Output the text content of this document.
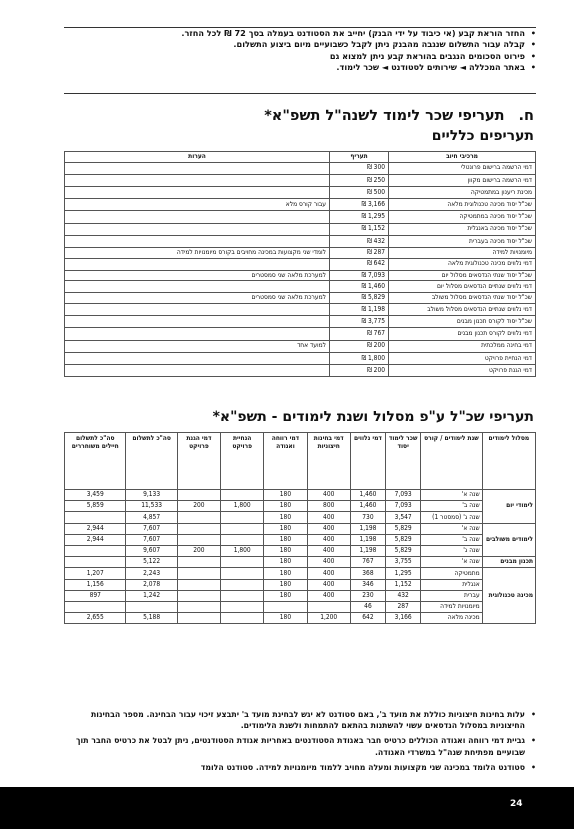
• החזר הוראת קבע (אי כיבוד על ידי הבנק) יחייב את הסטודנט בעמלה בסך 72 ₪ לכל החזר.
• קבלה עבור התשלום שנגבה מהבנק ניתן לקבל כשבועיים מיום ביצוע התשלום.
• פירוט הסכומים הנגבים בהוראת קבע ניתן למצוא גם
• באתר המכללה ◄ שירותים לסטודנט ◄ שכר לימוד.
ח.תעריפי שכר לימוד לשנה"ל תשפ"א*
תעריפים כלליים
מרכיבי חיוב	תעריף	הערות
דמי הרשמה ברישום פרונטלי	300 ₪	
דמי הרשמה ברישום מקוון	250 ₪	
מכינת ריענון במתמטיקה	500 ₪	
שכ"ל יסוד מכינה טכנולוגית מלאה	3,166 ₪	עבור קורס מלא
שכ"ל יסוד מכינה במתמטיקה	1,295 ₪	
שכ"ל יסוד מכינה באנגלית	1,152 ₪	
שכ"ל יסוד מכינה בעברית	432 ₪	
מיומנויות למידה	287 ₪	לומדי שני מקצועות במכינה מחויבים בקורס מיומנויות למידה
דמי נלווים מכינה טכנולוגית מלאה	642 ₪	
שכ"ל יסוד שנתי הנדסאים מסלול יום	7,093 ₪	למערכת מלאה שני סמסטרים
דמי נלווים שנתיים הנדסאים מסלול יום	1,460 ₪	
שכ"ל יסוד שנתי הנדסאים מסלול משולב	5,829 ₪	למערכת מלאה שני סמסטרים
דמי נלווים שנתיים הנדסאים מסלול משולב	1,198 ₪	
שכ"ל יסוד לקורס תכנון מבנים	3,775 ₪	
דמי נלווים לקורס תכנון מבנים	767 ₪	
דמי בחינה ממלכתית	200 ₪	למועד אחד
דמי הנחיית פרויקט	1,800 ₪	
דמי הגנת פרויקט	200 ₪	
תעריפי שכ"ל ע"פ מסלול ושנת לימודים - תשפ"א*
מסלול לימודים	שנת לימודים / קורס	שכר לימוד יסוד	דמי נלווים	דמי בחינות חיצוניות	דמי רווחה ואגודה	הנחיית פרויקט	דמי הגנת פרויקט	סה"כ לתשלום	סה"כ לתשלום חיילים משוחררים
לימודי יום	שנה א'	7,093	1,460	400	180			9,133	3,459
	שנה ב'	7,093	1,460	800	180	1,800	200	11,533	5,859
	שנה ג' (סמסטר 1)	3,547	730	400	180			4,857	
לימודים משולבים	שנה א'	5,829	1,198	400	180			7,607	2,944
	שנה ב'	5,829	1,198	400	180			7,607	2,944
	שנה ג'	5,829	1,198	400	180	1,800	200	9,607	
תכנון מבנים	שנה א'	3,755	767	400	180			5,122	
מכינה טכנולוגית	מתמטיקה	1,295	368	400	180			2,243	1,207
	אנגלית	1,152	346	400	180			2,078	1,156
	עברית	432	230	400	180			1,242	897
	מיומנויות למידה	287	46						
	מכינה מלאה	3,166	642	1,200	180			5,188	2,655
• עלות בחינות חיצוניות כוללת את מועד ב', באם סטודנט לא יגש לבחינת מועד ב' יתבצע זיכוי עבור הבחינה. מספר הבחינות החיצוניות במסלול הנדסאים עשוי להשתנות בהתאם להתמחות ולשנת הלימודים.
• גביית דמי רווחה ואגודה הכוללים כרטיס חבר באגודת הסטודנטים באחריות אגודת הסטודנטים, ניתן לבטל את כרטיס החבר תוך שבועיים מפתיחת שנה"ל במשרדי האגודה.
• סטודנט הלומד במכינה שני מקצועות ומעלה מחויב ללמוד מיומנויות למידה. סטודנט הלומד
24
